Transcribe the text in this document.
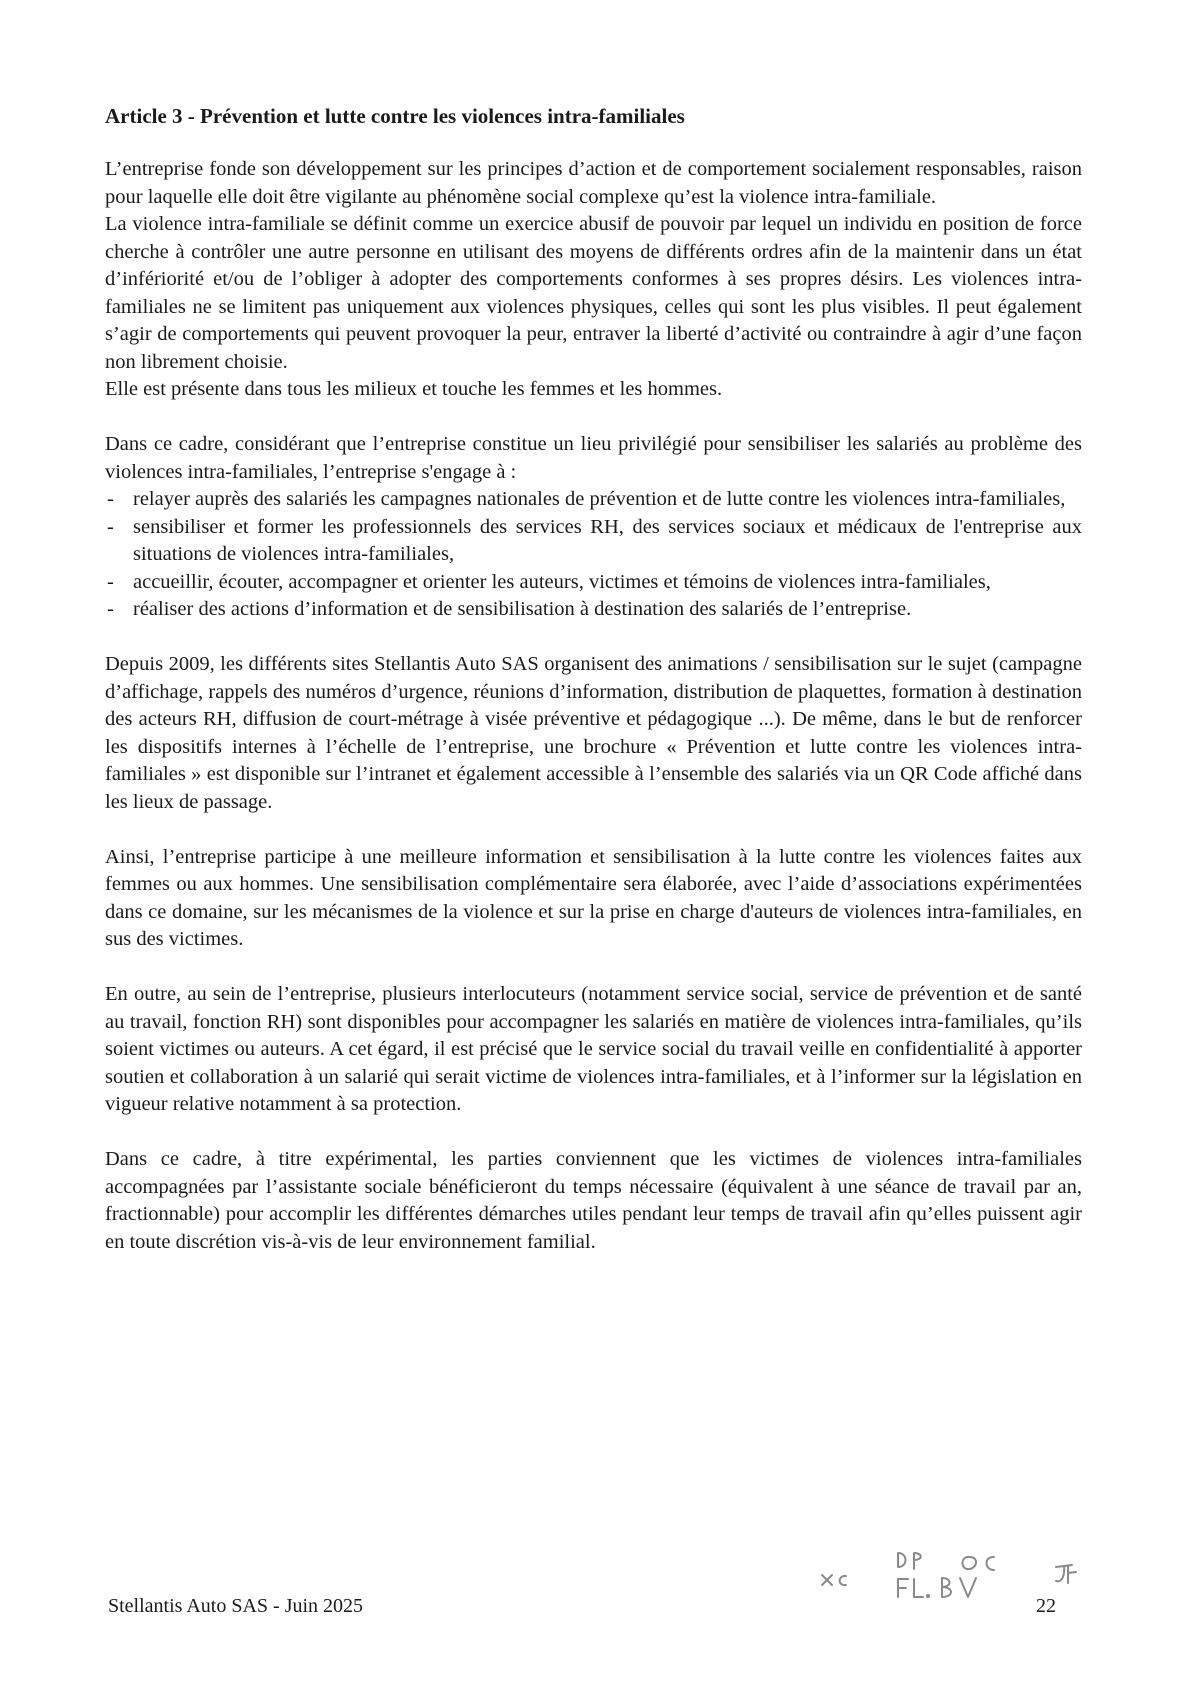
Article 3 - Prévention et lutte contre les violences intra-familiales

L’entreprise fonde son développement sur les principes d’action et de comportement socialement responsables, raison pour laquelle elle doit être vigilante au phénomène social complexe qu’est la violence intra-familiale.

La violence intra-familiale se définit comme un exercice abusif de pouvoir par lequel un individu en position de force cherche à contrôler une autre personne en utilisant des moyens de différents ordres afin de la maintenir dans un état d’infériorité et/ou de l’obliger à adopter des comportements conformes à ses propres désirs. Les violences intra-familiales ne se limitent pas uniquement aux violences physiques, celles qui sont les plus visibles. Il peut également s’agir de comportements qui peuvent provoquer la peur, entraver la liberté d’activité ou contraindre à agir d’une façon non librement choisie.

Elle est présente dans tous les milieux et touche les femmes et les hommes.

Dans ce cadre, considérant que l’entreprise constitue un lieu privilégié pour sensibiliser les salariés au problème des violences intra-familiales, l’entreprise s'engage à :

- relayer auprès des salariés les campagnes nationales de prévention et de lutte contre les violences intra-familiales,
- sensibiliser et former les professionnels des services RH, des services sociaux et médicaux de l'entreprise aux situations de violences intra-familiales,
- accueillir, écouter, accompagner et orienter les auteurs, victimes et témoins de violences intra-familiales,
- réaliser des actions d’information et de sensibilisation à destination des salariés de l’entreprise.

Depuis 2009, les différents sites Stellantis Auto SAS organisent des animations / sensibilisation sur le sujet (campagne d’affichage, rappels des numéros d’urgence, réunions d’information, distribution de plaquettes, formation à destination des acteurs RH, diffusion de court-métrage à visée préventive et pédagogique ...). De même, dans le but de renforcer les dispositifs internes à l’échelle de l’entreprise, une brochure « Prévention et lutte contre les violences intra-familiales » est disponible sur l’intranet et également accessible à l’ensemble des salariés via un QR Code affiché dans les lieux de passage.

Ainsi, l’entreprise participe à une meilleure information et sensibilisation à la lutte contre les violences faites aux femmes ou aux hommes. Une sensibilisation complémentaire sera élaborée, avec l’aide d’associations expérimentées dans ce domaine, sur les mécanismes de la violence et sur la prise en charge d'auteurs de violences intra-familiales, en sus des victimes.

En outre, au sein de l’entreprise, plusieurs interlocuteurs (notamment service social, service de prévention et de santé au travail, fonction RH) sont disponibles pour accompagner les salariés en matière de violences intra-familiales, qu’ils soient victimes ou auteurs. A cet égard, il est précisé que le service social du travail veille en confidentialité à apporter soutien et collaboration à un salarié qui serait victime de violences intra-familiales, et à l’informer sur la législation en vigueur relative notamment à sa protection.

Dans ce cadre, à titre expérimental, les parties conviennent que les victimes de violences intra-familiales accompagnées par l’assistante sociale bénéficieront du temps nécessaire (équivalent à une séance de travail par an, fractionnable) pour accomplir les différentes démarches utiles pendant leur temps de travail afin qu’elles puissent agir en toute discrétion vis-à-vis de leur environnement familial.

Stellantis Auto SAS - Juin 2025	22
